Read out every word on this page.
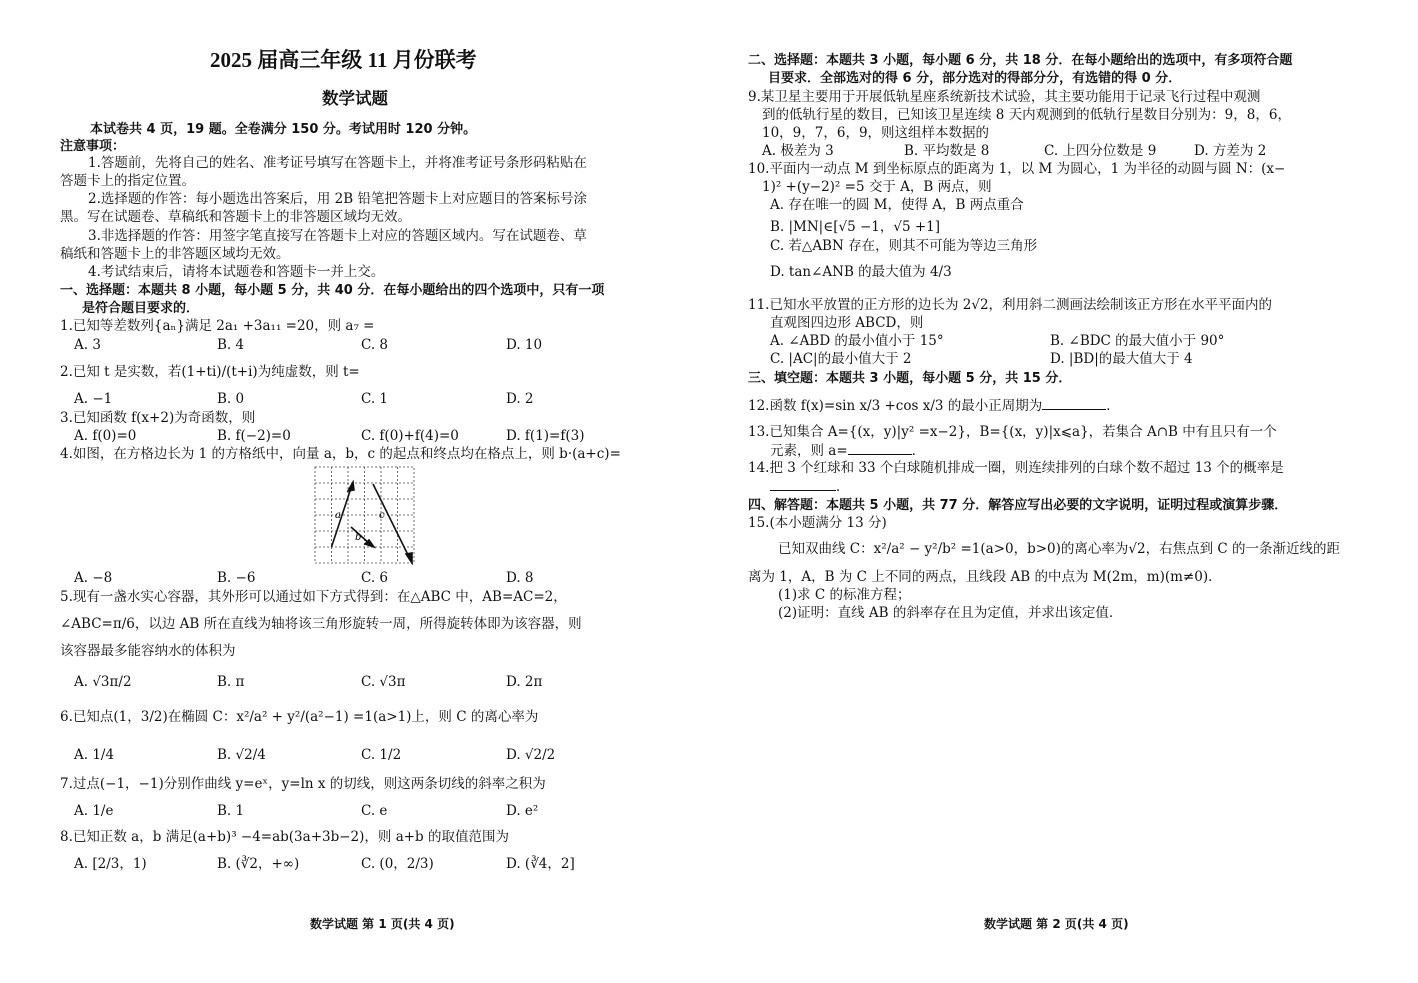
2025 届高三年级 11 月份联考
数学试题
本试卷共 4 页，19 题。全卷满分 150 分。考试用时 120 分钟。
注意事项：
1.答题前，先将自己的姓名、准考证号填写在答题卡上，并将准考证号条形码粘贴在
答题卡上的指定位置。
2.选择题的作答：每小题选出答案后，用 2B 铅笔把答题卡上对应题目的答案标号涂
黑。写在试题卷、草稿纸和答题卡上的非答题区域均无效。
3.非选择题的作答：用签字笔直接写在答题卡上对应的答题区域内。写在试题卷、草
稿纸和答题卡上的非答题区域均无效。
4.考试结束后，请将本试题卷和答题卡一并上交。
一、选择题：本题共 8 小题，每小题 5 分，共 40 分．在每小题给出的四个选项中，只有一项
是符合题目要求的．
1.已知等差数列{aₙ}满足 2a₁ +3a₁₁ =20，则 a₇ =
A. 3	B. 4	C. 8	D. 10
2.已知 t 是实数，若(1+ti)/(t+i)为纯虚数，则 t=
A. −1	B. 0	C. 1	D. 2
3.已知函数 f(x+2)为奇函数，则
A. f(0)=0	B. f(−2)=0	C. f(0)+f(4)=0	D. f(1)=f(3)
4.如图，在方格边长为 1 的方格纸中，向量 a，b，c 的起点和终点均在格点上，则 b·(a+c)=
a
b
c
A. −8	B. −6	C. 6	D. 8
5.现有一盏水实心容器，其外形可以通过如下方式得到：在△ABC 中，AB=AC=2，
∠ABC=π/6，以边 AB 所在直线为轴将该三角形旋转一周，所得旋转体即为该容器，则
该容器最多能容纳水的体积为
A. √3π/2	B. π	C. √3π	D. 2π
6.已知点(1，3/2)在椭圆 C：x²/a² + y²/(a²−1) =1(a>1)上，则 C 的离心率为
A. 1/4	B. √2/4	C. 1/2	D. √2/2
7.过点(−1，−1)分别作曲线 y=eˣ，y=ln x 的切线，则这两条切线的斜率之积为
A. 1/e	B. 1	C. e	D. e²
8.已知正数 a，b 满足(a+b)³ −4=ab(3a+3b−2)，则 a+b 的取值范围为
A. [2/3，1)	B. (∛2，+∞)	C. (0，2/3)	D. (∛4，2]
数学试题 第 1 页(共 4 页)
二、选择题：本题共 3 小题，每小题 6 分，共 18 分．在每小题给出的选项中，有多项符合题
目要求．全部选对的得 6 分，部分选对的得部分分，有选错的得 0 分．
9.某卫星主要用于开展低轨星座系统新技术试验，其主要功能用于记录飞行过程中观测
到的低轨行星的数目，已知该卫星连续 8 天内观测到的低轨行星数目分别为：9，8，6，
10，9，7，6，9，则这组样本数据的
A. 极差为 3	B. 平均数是 8	C. 上四分位数是 9	D. 方差为 2
10.平面内一动点 M 到坐标原点的距离为 1，以 M 为圆心，1 为半径的动圆与圆 N：(x−
1)² +(y−2)² =5 交于 A，B 两点，则
A. 存在唯一的圆 M，使得 A，B 两点重合
B. |MN|∈[√5 −1，√5 +1]
C. 若△ABN 存在，则其不可能为等边三角形
D. tan∠ANB 的最大值为 4/3
11.已知水平放置的正方形的边长为 2√2，利用斜二测画法绘制该正方形在水平平面内的
直观图四边形 ABCD，则
A. ∠ABD 的最小值小于 15°	B. ∠BDC 的最大值小于 90°
C. |AC|的最小值大于 2	D. |BD|的最大值大于 4
三、填空题：本题共 3 小题，每小题 5 分，共 15 分．
12.函数 f(x)=sin x/3 +cos x/3 的最小正周期为	．
13.已知集合 A={(x，y)|y² =x−2}，B={(x，y)|x⩽a}，若集合 A∩B 中有且只有一个
元素，则 a=	．
14.把 3 个红球和 33 个白球随机排成一圈，则连续排列的白球个数不超过 13 个的概率是
．
四、解答题：本题共 5 小题，共 77 分．解答应写出必要的文字说明，证明过程或演算步骤．
15.(本小题满分 13 分)
已知双曲线 C：x²/a² − y²/b² =1(a>0，b>0)的离心率为√2，右焦点到 C 的一条渐近线的距
离为 1，A，B 为 C 上不同的两点，且线段 AB 的中点为 M(2m，m)(m≠0)．
(1)求 C 的标准方程；
(2)证明：直线 AB 的斜率存在且为定值，并求出该定值．
数学试题 第 2 页(共 4 页)
